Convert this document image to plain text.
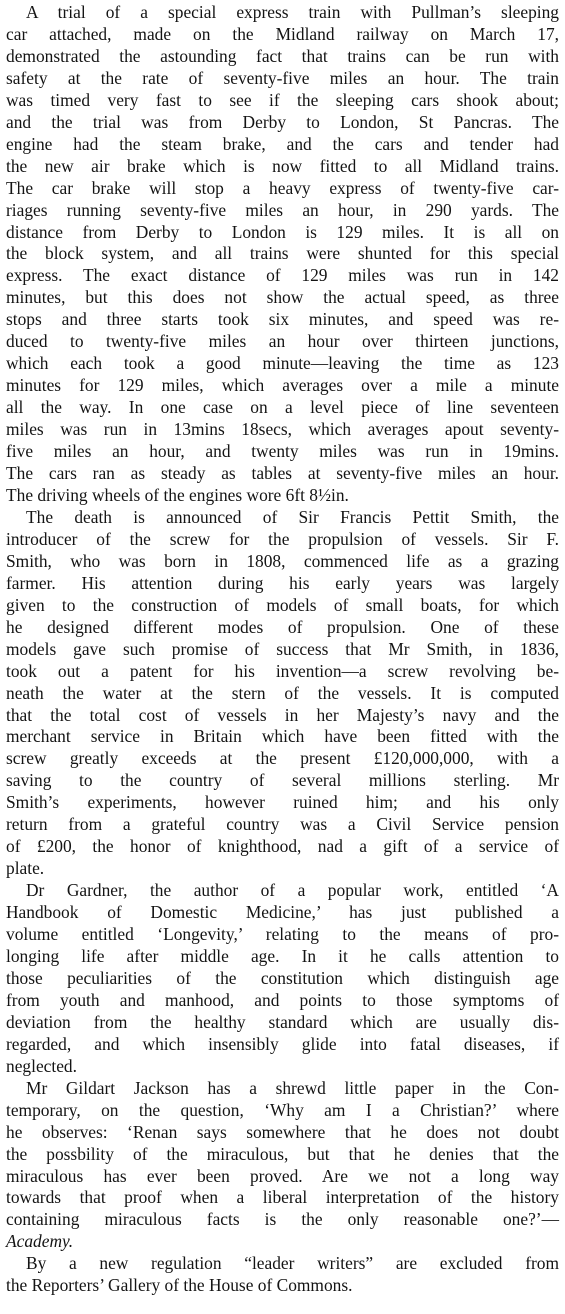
A trial of a special express train with Pullman’s sleeping
car attached, made on the Midland railway on March 17,
demonstrated the astounding fact that trains can be run with
safety at the rate of seventy-five miles an hour. The train
was timed very fast to see if the sleeping cars shook about;
and the trial was from Derby to London, St Pancras. The
engine had the steam brake, and the cars and tender had
the new air brake which is now fitted to all Midland trains.
The car brake will stop a heavy express of twenty-five car-
riages running seventy-five miles an hour, in 290 yards. The
distance from Derby to London is 129 miles. It is all on
the block system, and all trains were shunted for this special
express. The exact distance of 129 miles was run in 142
minutes, but this does not show the actual speed, as three
stops and three starts took six minutes, and speed was re-
duced to twenty-five miles an hour over thirteen junctions,
which each took a good minute—leaving the time as 123
minutes for 129 miles, which averages over a mile a minute
all the way. In one case on a level piece of line seventeen
miles was run in 13mins 18secs, which averages apout seventy-
five miles an hour, and twenty miles was run in 19mins.
The cars ran as steady as tables at seventy-five miles an hour.
The driving wheels of the engines wore 6ft 8½in.

The death is announced of Sir Francis Pettit Smith, the
introducer of the screw for the propulsion of vessels. Sir F.
Smith, who was born in 1808, commenced life as a grazing
farmer. His attention during his early years was largely
given to the construction of models of small boats, for which
he designed different modes of propulsion. One of these
models gave such promise of success that Mr Smith, in 1836,
took out a patent for his invention—a screw revolving be-
neath the water at the stern of the vessels. It is computed
that the total cost of vessels in her Majesty’s navy and the
merchant service in Britain which have been fitted with the
screw greatly exceeds at the present £120,000,000, with a
saving to the country of several millions sterling. Mr
Smith’s experiments, however ruined him; and his only
return from a grateful country was a Civil Service pension
of £200, the honor of knighthood, nad a gift of a service of
plate.

Dr Gardner, the author of a popular work, entitled ‘A
Handbook of Domestic Medicine,’ has just published a
volume entitled ‘Longevity,’ relating to the means of pro-
longing life after middle age. In it he calls attention to
those peculiarities of the constitution which distinguish age
from youth and manhood, and points to those symptoms of
deviation from the healthy standard which are usually dis-
regarded, and which insensibly glide into fatal diseases, if
neglected.

Mr Gildart Jackson has a shrewd little paper in the Con-
temporary, on the question, ‘Why am I a Christian?’ where
he observes: ‘Renan says somewhere that he does not doubt
the possbility of the miraculous, but that he denies that the
miraculous has ever been proved. Are we not a long way
towards that proof when a liberal interpretation of the history
containing miraculous facts is the only reasonable one?’—
Academy.

By a new regulation “leader writers” are excluded from
the Reporters’ Gallery of the House of Commons.
